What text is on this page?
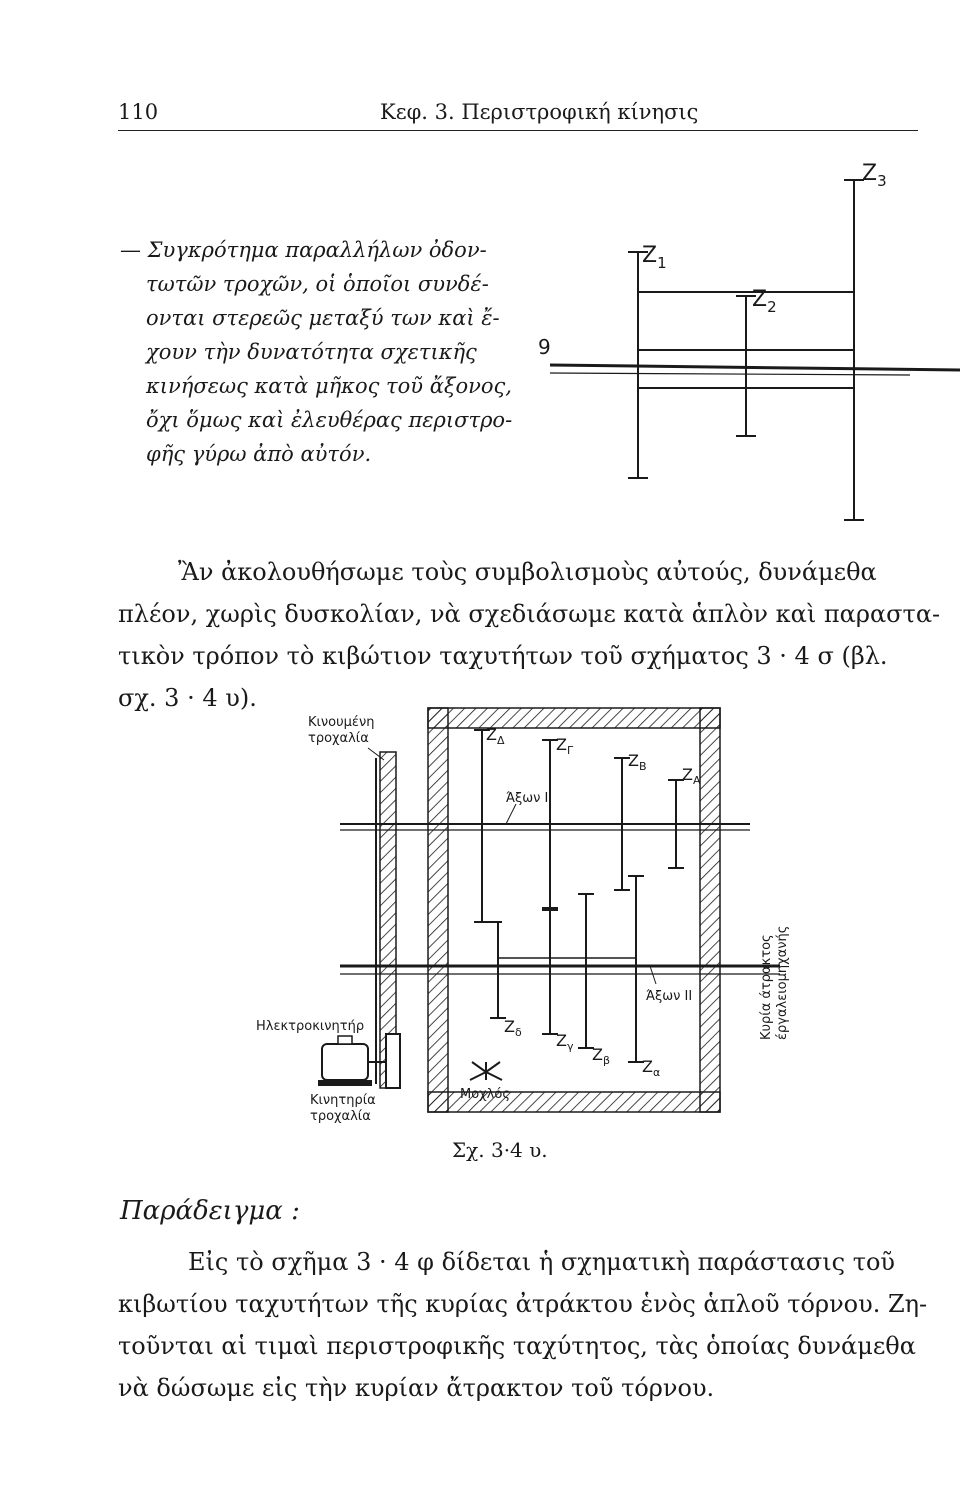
110	Κεφ. 3. Περιστροφική κίνησις
— Συγκρότημα παραλλήλων ὀδον-
τωτῶν τροχῶν, οἱ ὁποῖοι συνδέ-
ονται στερεῶς μεταξύ των καὶ ἔ-
χουν τὴν δυνατότητα σχετικῆς
κινήσεως κατὰ μῆκος τοῦ ἄξονος,
ὄχι ὅμως καὶ ἐλευθέρας περιστρο-
φῆς γύρω ἀπὸ αὐτόν.
9
$Z_1$
$Z_2$
$Z_3$
Ἂν ἀκολουθήσωμε τοὺς συμβολισμοὺς αὐτούς, δυνάμεθα
πλέον, χωρὶς δυσκολίαν, νὰ σχεδιάσωμε κατὰ ἁπλὸν καὶ παραστα-
τικὸν τρόπον τὸ κιβώτιον ταχυτήτων τοῦ σχήματος 3 · 4 σ (βλ.
σχ. 3 · 4 υ).
Κινουμένη
τροχαλία
Ηλεκτροκινητήρ
Κινητηρία
τροχαλία
Μοχλός
Άξων I
Άξων II	Κυρία άτρακτος έργαλειομηχανής
$Z_\Delta$	$Z_\Gamma$
$Z_B$ $Z_A$
$Z_\delta$ $Z_\gamma$ $Z_\beta$ $Z_\alpha$
Σχ. 3·4 υ.
Παράδειγμα :
Εἰς τὸ σχῆμα 3 · 4 φ δίδεται ἡ σχηματικὴ παράστασις τοῦ
κιβωτίου ταχυτήτων τῆς κυρίας ἀτράκτου ἑνὸς ἁπλοῦ τόρνου. Ζη-
τοῦνται αἱ τιμαὶ περιστροφικῆς ταχύτητος, τὰς ὁποίας δυνάμεθα
νὰ δώσωμε εἰς τὴν κυρίαν ἄτρακτον τοῦ τόρνου.
